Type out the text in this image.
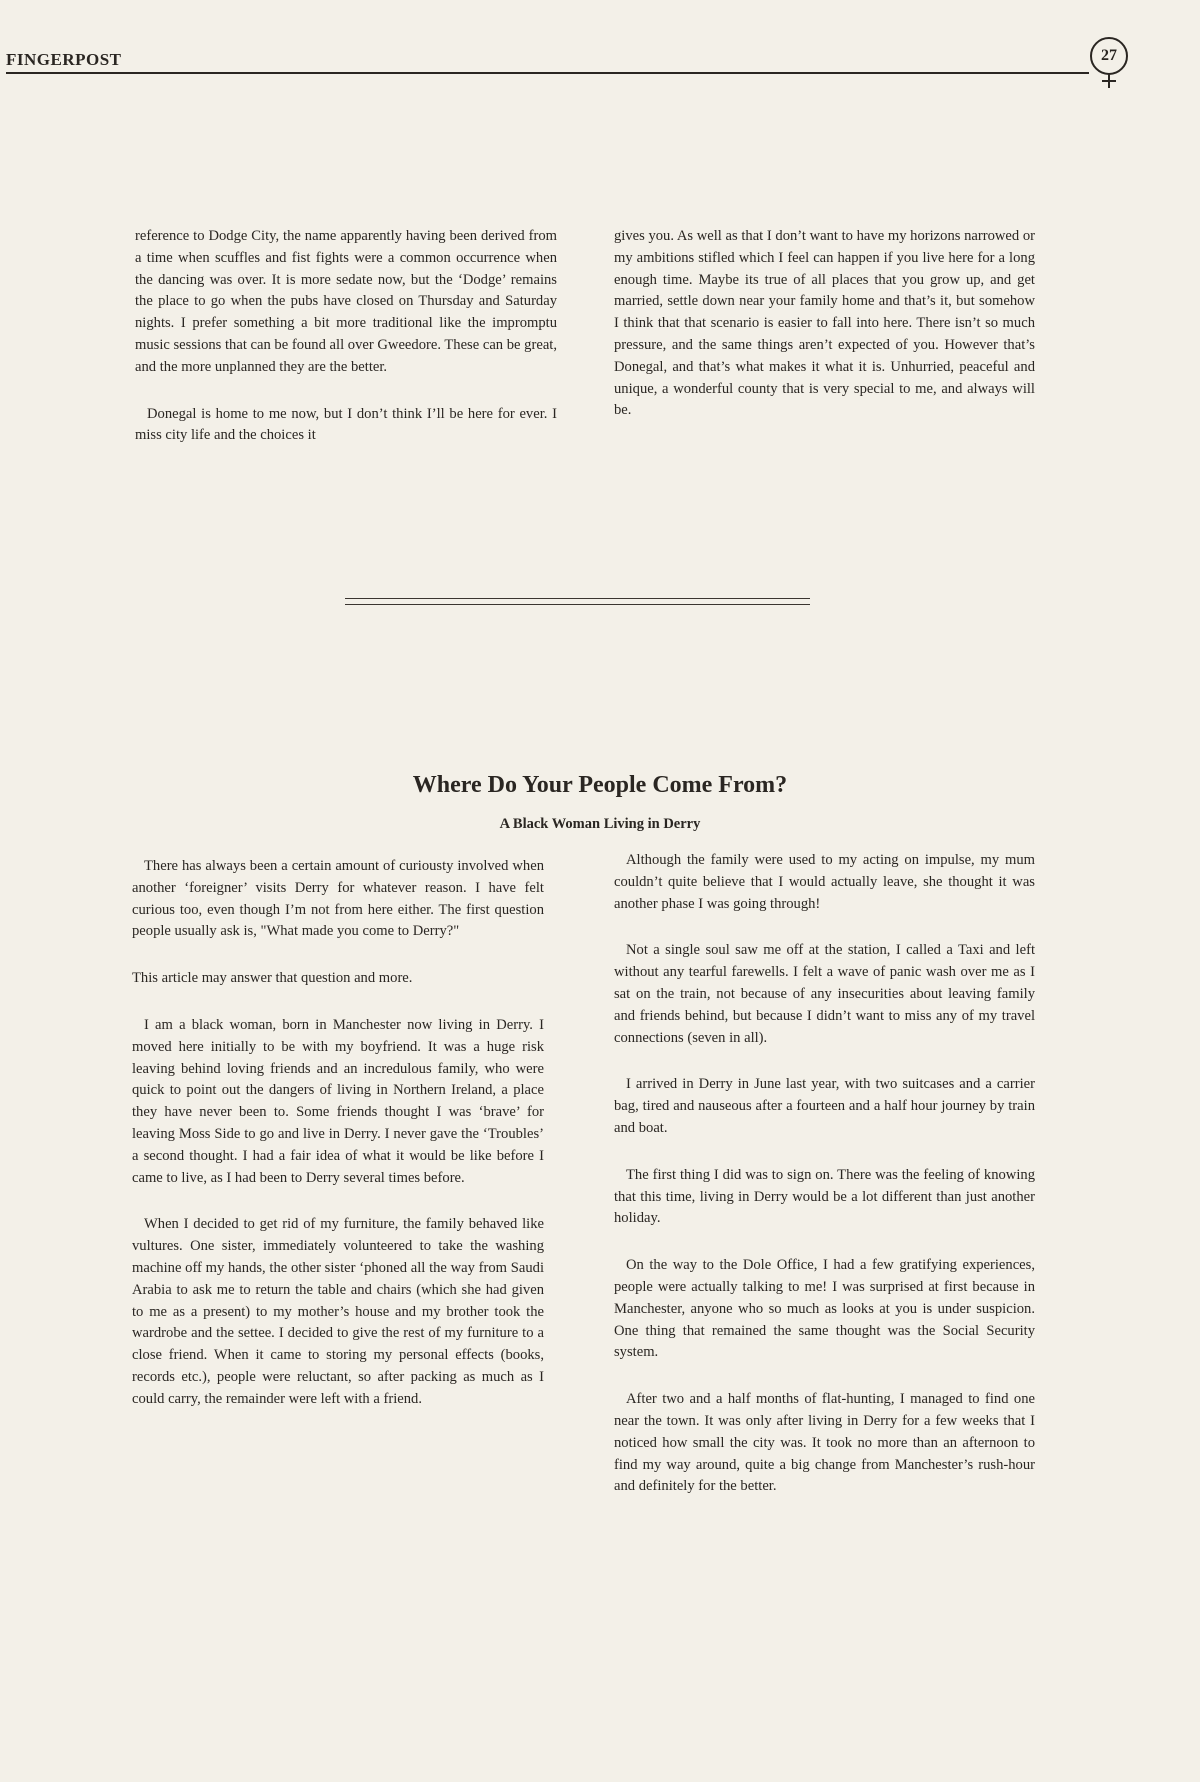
FINGERPOST	27

reference to Dodge City, the name apparently having been derived from a time when scuffles and fist fights were a common occurrence when the dancing was over. It is more sedate now, but the ‘Dodge’ remains the place to go when the pubs have closed on Thursday and Saturday nights. I prefer something a bit more traditional like the impromptu music sessions that can be found all over Gweedore. These can be great, and the more unplanned they are the better.

Donegal is home to me now, but I don’t think I’ll be here for ever. I miss city life and the choices it

gives you. As well as that I don’t want to have my horizons narrowed or my ambitions stifled which I feel can happen if you live here for a long enough time. Maybe its true of all places that you grow up, and get married, settle down near your family home and that’s it, but somehow I think that that scenario is easier to fall into here. There isn’t so much pressure, and the same things aren’t expected of you. However that’s Donegal, and that’s what makes it what it is. Unhurried, peaceful and unique, a wonderful county that is very special to me, and always will be.

Where Do Your People Come From?
A Black Woman Living in Derry

There has always been a certain amount of curiousty involved when another ‘foreigner’ visits Derry for whatever reason. I have felt curious too, even though I’m not from here either. The first question people usually ask is, "What made you come to Derry?"

This article may answer that question and more.

I am a black woman, born in Manchester now living in Derry. I moved here initially to be with my boyfriend. It was a huge risk leaving behind loving friends and an incredulous family, who were quick to point out the dangers of living in Northern Ireland, a place they have never been to. Some friends thought I was ‘brave’ for leaving Moss Side to go and live in Derry. I never gave the ‘Troubles’ a second thought. I had a fair idea of what it would be like before I came to live, as I had been to Derry several times before.

When I decided to get rid of my furniture, the family behaved like vultures. One sister, immediately volunteered to take the washing machine off my hands, the other sister ‘phoned all the way from Saudi Arabia to ask me to return the table and chairs (which she had given to me as a present) to my mother’s house and my brother took the wardrobe and the settee. I decided to give the rest of my furniture to a close friend. When it came to storing my personal effects (books, records etc.), people were reluctant, so after packing as much as I could carry, the remainder were left with a friend.

Although the family were used to my acting on impulse, my mum couldn’t quite believe that I would actually leave, she thought it was another phase I was going through!

Not a single soul saw me off at the station, I called a Taxi and left without any tearful farewells. I felt a wave of panic wash over me as I sat on the train, not because of any insecurities about leaving family and friends behind, but because I didn’t want to miss any of my travel connections (seven in all).

I arrived in Derry in June last year, with two suitcases and a carrier bag, tired and nauseous after a fourteen and a half hour journey by train and boat.

The first thing I did was to sign on. There was the feeling of knowing that this time, living in Derry would be a lot different than just another holiday.

On the way to the Dole Office, I had a few gratifying experiences, people were actually talking to me! I was surprised at first because in Manchester, anyone who so much as looks at you is under suspicion. One thing that remained the same thought was the Social Security system.

After two and a half months of flat-hunting, I managed to find one near the town. It was only after living in Derry for a few weeks that I noticed how small the city was. It took no more than an afternoon to find my way around, quite a big change from Manchester’s rush-hour and definitely for the better.
